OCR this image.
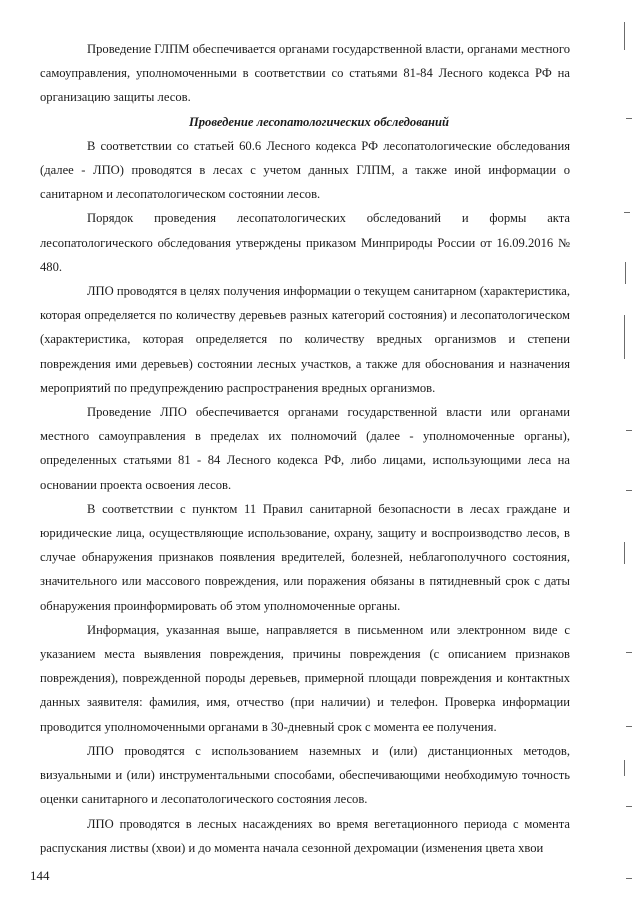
Проведение ГЛПМ обеспечивается органами государственной власти, органами местного самоуправления, уполномоченными в соответствии со статьями 81-84 Лесного кодекса РФ на организацию защиты лесов.

Проведение лесопатологических обследований

В соответствии со статьей 60.6 Лесного кодекса РФ лесопатологические обследования (далее - ЛПО) проводятся в лесах с учетом данных ГЛПМ, а также иной информации о санитарном и лесопатологическом состоянии лесов.

Порядок проведения лесопатологических обследований и формы акта лесопатологического обследования утверждены приказом Минприроды России от 16.09.2016 № 480.

ЛПО проводятся в целях получения информации о текущем санитарном (характеристика, которая определяется по количеству деревьев разных категорий состояния) и лесопатологическом (характеристика, которая определяется по количеству вредных организмов и степени повреждения ими деревьев) состоянии лесных участков, а также для обоснования и назначения мероприятий по предупреждению распространения вредных организмов.

Проведение ЛПО обеспечивается органами государственной власти или органами местного самоуправления в пределах их полномочий (далее - уполномоченные органы), определенных статьями 81 - 84 Лесного кодекса РФ, либо лицами, использующими леса на основании проекта освоения лесов.

В соответствии с пунктом 11 Правил санитарной безопасности в лесах граждане и юридические лица, осуществляющие использование, охрану, защиту и воспроизводство лесов, в случае обнаружения признаков появления вредителей, болезней, неблагополучного состояния, значительного или массового повреждения, или поражения обязаны в пятидневный срок с даты обнаружения проинформировать об этом уполномоченные органы.

Информация, указанная выше, направляется в письменном или электронном виде с указанием места выявления повреждения, причины повреждения (с описанием признаков повреждения), поврежденной породы деревьев, примерной площади повреждения и контактных данных заявителя: фамилия, имя, отчество (при наличии) и телефон. Проверка информации проводится уполномоченными органами в 30-дневный срок с момента ее получения.

ЛПО проводятся с использованием наземных и (или) дистанционных методов, визуальными и (или) инструментальными способами, обеспечивающими необходимую точность оценки санитарного и лесопатологического состояния лесов.

ЛПО проводятся в лесных насаждениях во время вегетационного периода с момента распускания листвы (хвои) и до момента начала сезонной дехромации (изменения цвета хвои

144
